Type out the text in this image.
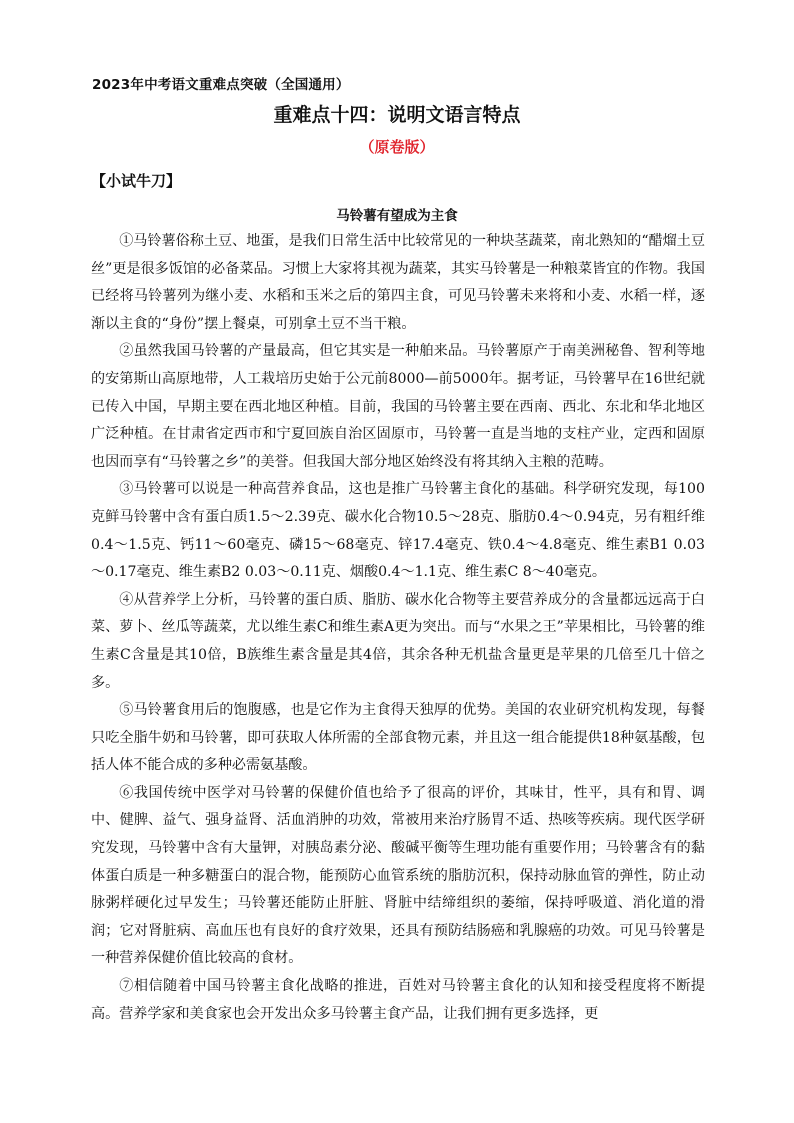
2023年中考语文重难点突破（全国通用）
重难点十四：说明文语言特点
（原卷版）
【小试牛刀】
马铃薯有望成为主食

①马铃薯俗称土豆、地蛋，是我们日常生活中比较常见的一种块茎蔬菜，南北熟知的“醋熘土豆丝”更是很多饭馆的必备菜品。习惯上大家将其视为蔬菜，其实马铃薯是一种粮菜皆宜的作物。我国已经将马铃薯列为继小麦、水稻和玉米之后的第四主食，可见马铃薯未来将和小麦、水稻一样，逐渐以主食的“身份”摆上餐桌，可别拿土豆不当干粮。

②虽然我国马铃薯的产量最高，但它其实是一种舶来品。马铃薯原产于南美洲秘鲁、智利等地的安第斯山高原地带，人工栽培历史始于公元前8000—前5000年。据考证，马铃薯早在16世纪就已传入中国，早期主要在西北地区种植。目前，我国的马铃薯主要在西南、西北、东北和华北地区广泛种植。在甘肃省定西市和宁夏回族自治区固原市，马铃薯一直是当地的支柱产业，定西和固原也因而享有“马铃薯之乡”的美誉。但我国大部分地区始终没有将其纳入主粮的范畴。

③马铃薯可以说是一种高营养食品，这也是推广马铃薯主食化的基础。科学研究发现，每100克鲜马铃薯中含有蛋白质1.5～2.39克、碳水化合物10.5～28克、脂肪0.4～0.94克，另有粗纤维0.4～1.5克、钙11～60毫克、磷15～68毫克、锌17.4毫克、铁0.4～4.8毫克、维生素B1 0.03～0.17毫克、维生素B2 0.03～0.11克、烟酸0.4～1.1克、维生素C 8～40毫克。

④从营养学上分析，马铃薯的蛋白质、脂肪、碳水化合物等主要营养成分的含量都远远高于白菜、萝卜、丝瓜等蔬菜，尤以维生素C和维生素A更为突出。而与“水果之王”苹果相比，马铃薯的维生素C含量是其10倍，B族维生素含量是其4倍，其余各种无机盐含量更是苹果的几倍至几十倍之多。

⑤马铃薯食用后的饱腹感，也是它作为主食得天独厚的优势。美国的农业研究机构发现，每餐只吃全脂牛奶和马铃薯，即可获取人体所需的全部食物元素，并且这一组合能提供18种氨基酸，包括人体不能合成的多种必需氨基酸。

⑥我国传统中医学对马铃薯的保健价值也给予了很高的评价，其味甘，性平，具有和胃、调中、健脾、益气、强身益肾、活血消肿的功效，常被用来治疗肠胃不适、热咳等疾病。现代医学研究发现，马铃薯中含有大量钾，对胰岛素分泌、酸碱平衡等生理功能有重要作用；马铃薯含有的黏体蛋白质是一种多糖蛋白的混合物，能预防心血管系统的脂肪沉积，保持动脉血管的弹性，防止动脉粥样硬化过早发生；马铃薯还能防止肝脏、肾脏中结缔组织的萎缩，保持呼吸道、消化道的滑润；它对肾脏病、高血压也有良好的食疗效果，还具有预防结肠癌和乳腺癌的功效。可见马铃薯是一种营养保健价值比较高的食材。

⑦相信随着中国马铃薯主食化战略的推进，百姓对马铃薯主食化的认知和接受程度将不断提高。营养学家和美食家也会开发出众多马铃薯主食产品，让我们拥有更多选择，更
